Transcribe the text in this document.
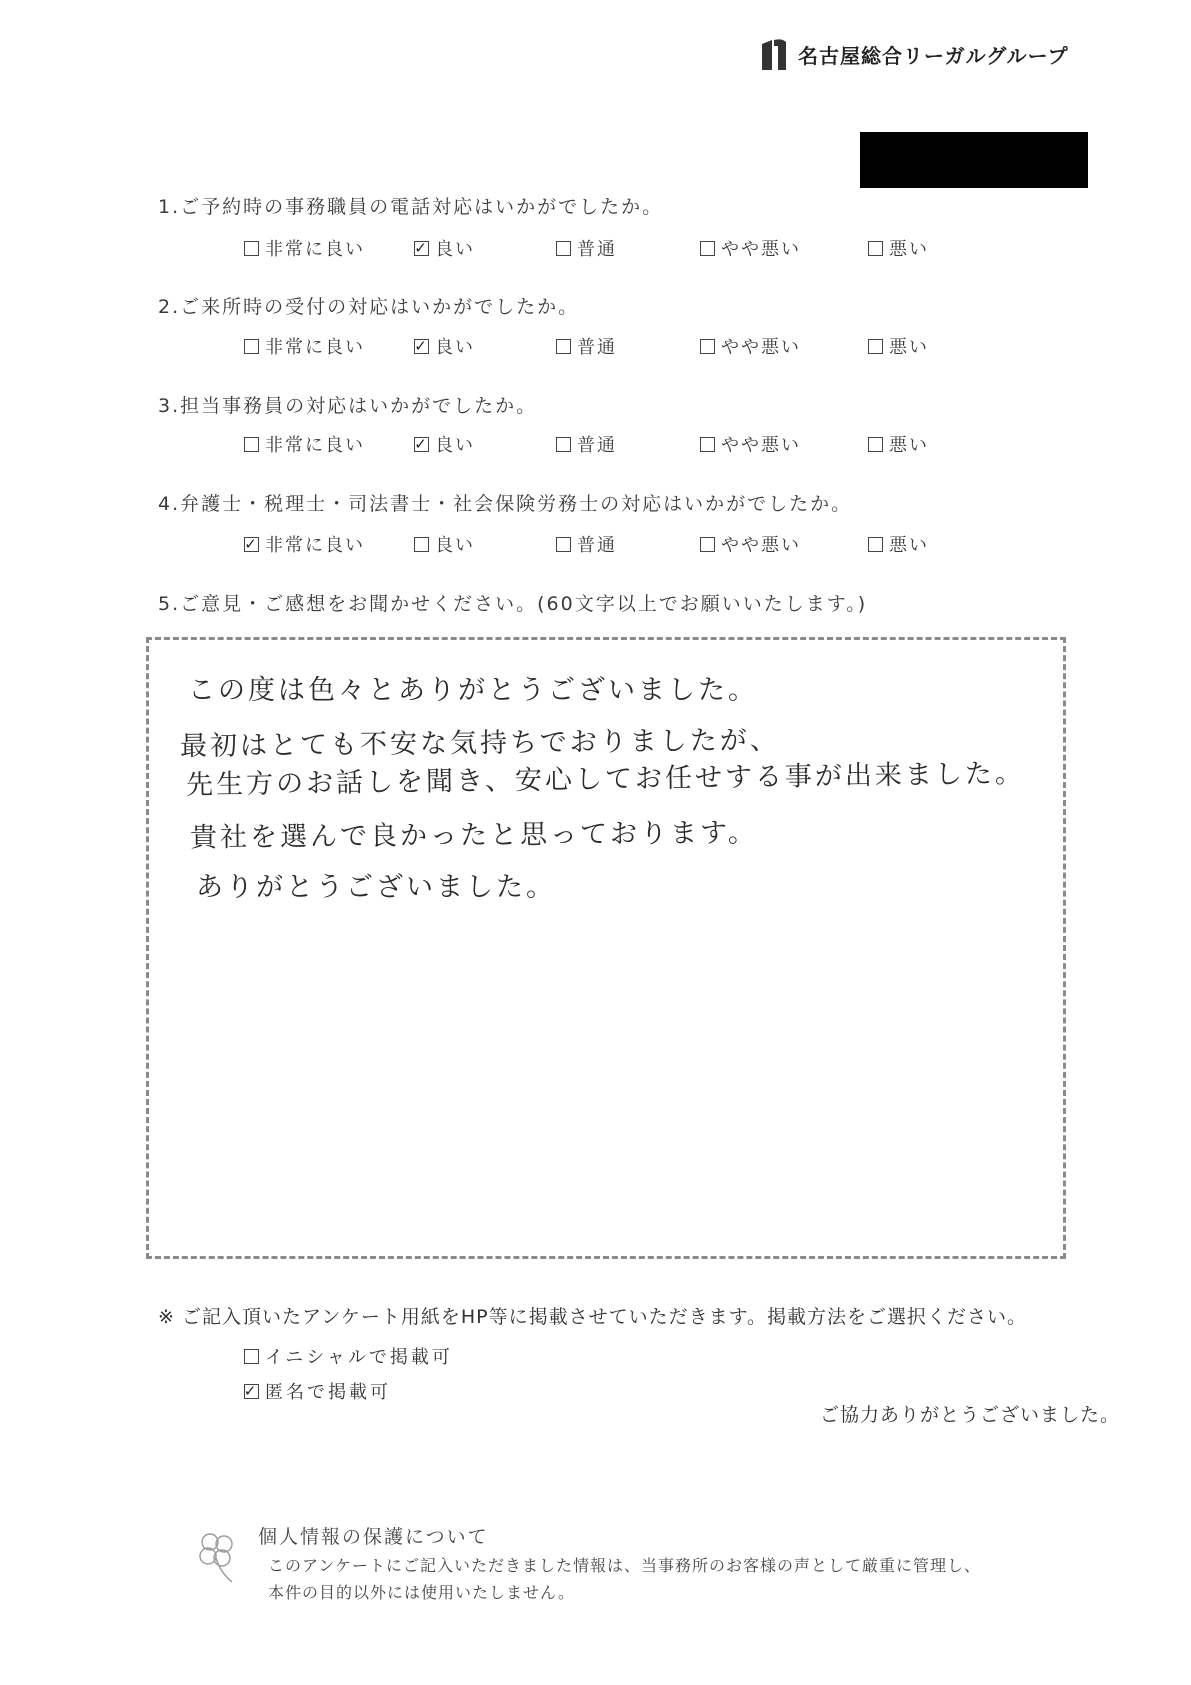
名古屋総合リーガルグループ
1.ご予約時の事務職員の電話対応はいかがでしたか。
非常に良い	✓ 良い	普通	やや悪い	悪い
2.ご来所時の受付の対応はいかがでしたか。
非常に良い	✓ 良い	普通	やや悪い	悪い
3.担当事務員の対応はいかがでしたか。
非常に良い	✓ 良い	普通	やや悪い	悪い
4.弁護士・税理士・司法書士・社会保険労務士の対応はいかがでしたか。
✓ 非常に良い	良い	普通	やや悪い	悪い
5.ご意見・ご感想をお聞かせください。(60文字以上でお願いいたします。)
この度は色々とありがとうございました。
最初はとても不安な気持ちでおりましたが、
先生方のお話しを聞き、安心してお任せする事が出来ました。
貴社を選んで良かったと思っております。
ありがとうございました。
※ ご記入頂いたアンケート用紙をHP等に掲載させていただきます。掲載方法をご選択ください。
イニシャルで掲載可
✓ 匿名で掲載可
ご協力ありがとうございました。
個人情報の保護について
このアンケートにご記入いただきました情報は、当事務所のお客様の声として厳重に管理し、
本件の目的以外には使用いたしません。
